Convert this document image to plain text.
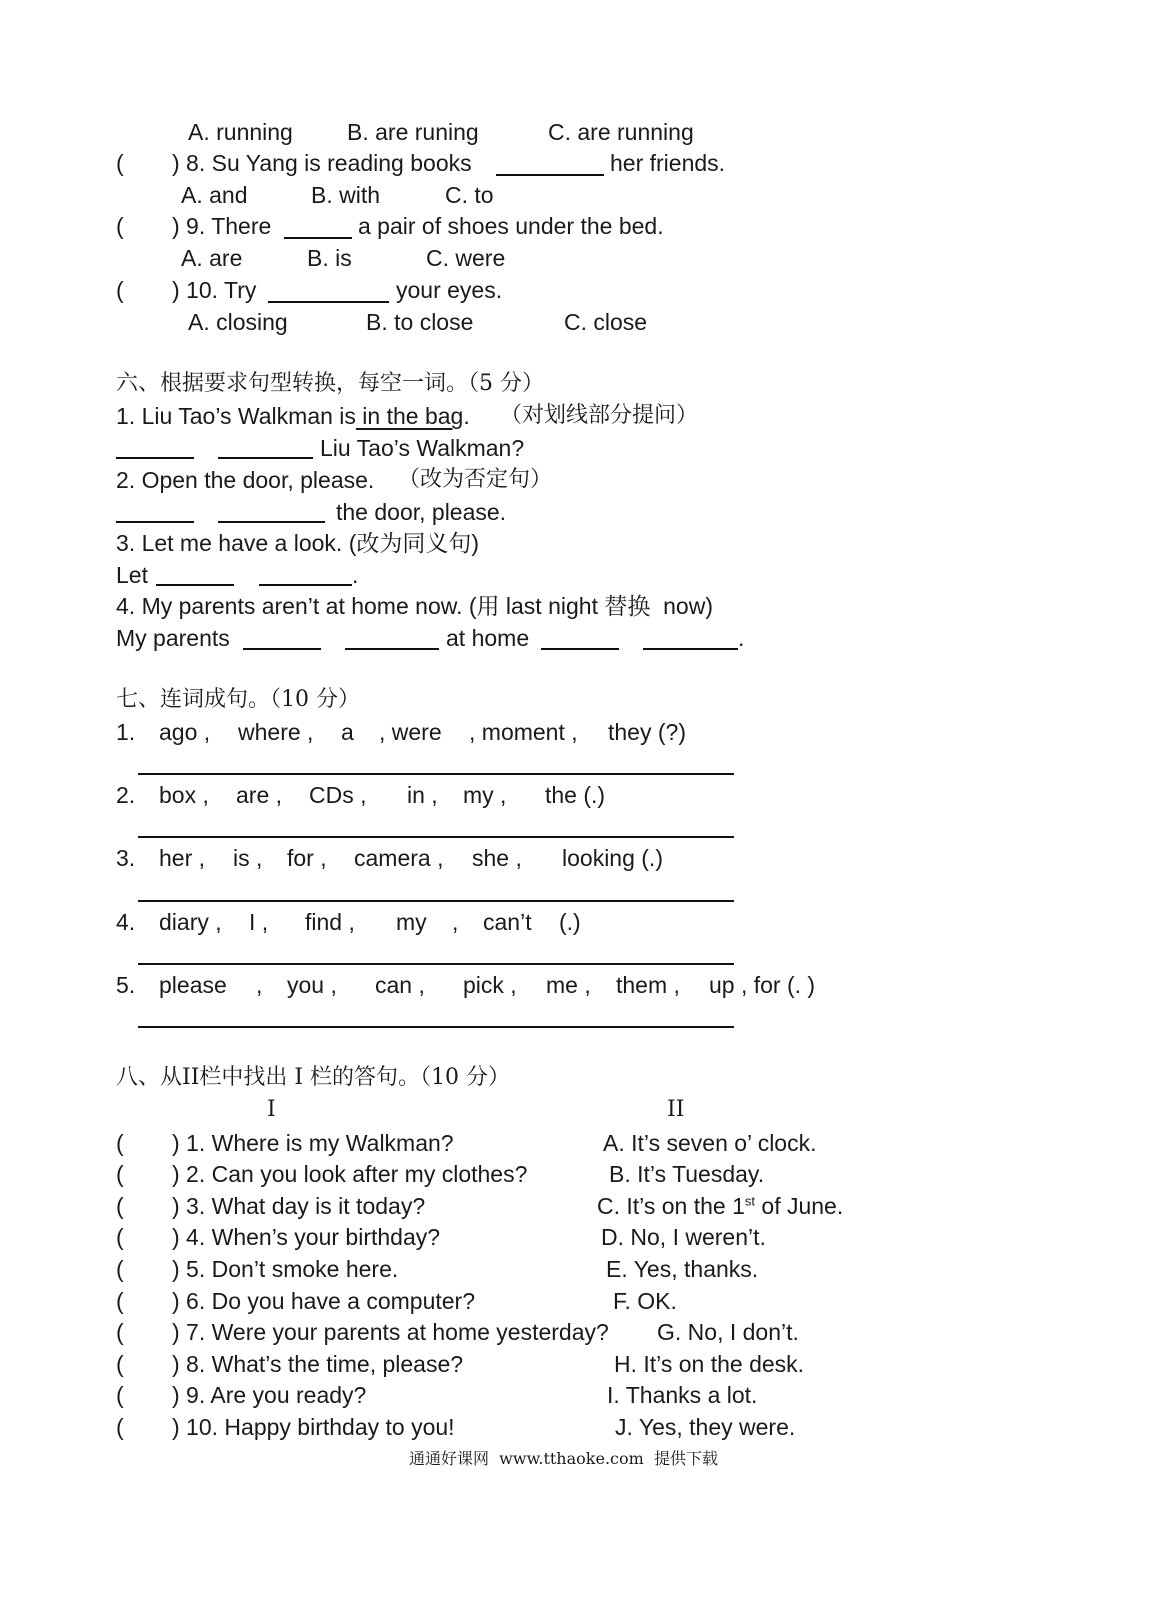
A. running B. are runing	C. are running
( ) 8. Su Yang is reading books	her friends.
A. and	B. with	C. to
( ) 9. There	a pair of shoes under the bed.
A. are	B. is	C. were
( ) 10. Try	your eyes.
A. closing	B. to close	C. close
六、根据要求句型转换，每空一词。（5 分）
1. Liu Tao’s Walkman is in the bag. （对划线部分提问）
Liu Tao’s Walkman?
2. Open the door, please. （改为否定句）
the door, please.
3. Let me have a look. (改为同义句)
Let	.
4. My parents aren’t at home now. (用 last night 替换  now)
My parents	at home	.
七、连词成句。（10 分）
1. ago , where , a , were , moment , they (?)
2. box , are , CDs , in , my , the (.)
3. her , is , for , camera , she , looking (.)
4. diary , I , find , my , can’t (.)
5. please , you , can , pick , me , them , up , for (. )
八、从II栏中找出 I 栏的答句。（10 分）
I	II
( ) 1. Where is my Walkman?	A. It’s seven o’ clock.
( ) 2. Can you look after my clothes?	B. It’s Tuesday.
( ) 3. What day is it today?	C. It’s on the 1st of June.
( ) 4. When’s your birthday?	D. No, I weren’t.
( ) 5. Don’t smoke here.	E. Yes, thanks.
( ) 6. Do you have a computer?	F. OK.
( ) 7. Were your parents at home yesterday? G. No, I don’t.
( ) 8. What’s the time, please?	H. It’s on the desk.
( ) 9. Are you ready?	I. Thanks a lot.
( ) 10. Happy birthday to you!	J. Yes, they were.
通通好课网  www.tthaoke.com  提供下载
